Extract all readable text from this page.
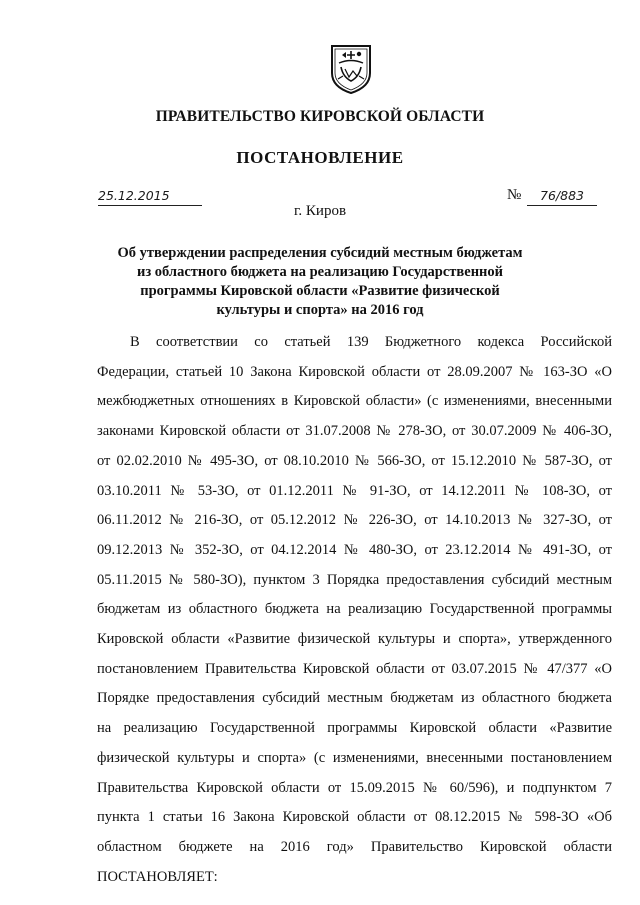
ПРАВИТЕЛЬСТВО КИРОВСКОЙ ОБЛАСТИ
ПОСТАНОВЛЕНИЕ
25.12.2015	№	76/883
г. Киров
Об утверждении распределения субсидий местным бюджетам
из областного бюджета на реализацию Государственной
программы Кировской области «Развитие физической
культуры и спорта» на 2016 год
В соответствии со статьей 139 Бюджетного кодекса Российской
Федерации, статьей 10 Закона Кировской области от 28.09.2007 № 163-ЗО «О
межбюджетных отношениях в Кировской области» (с изменениями, внесенными
законами Кировской области от 31.07.2008 № 278-ЗО, от 30.07.2009 № 406-ЗО,
от 02.02.2010 № 495-ЗО, от 08.10.2010 № 566-ЗО, от 15.12.2010 № 587-ЗО, от
03.10.2011 № 53-ЗО, от 01.12.2011 № 91-ЗО, от 14.12.2011 № 108-ЗО, от
06.11.2012 № 216-ЗО, от 05.12.2012 № 226-ЗО, от 14.10.2013 № 327-ЗО, от
09.12.2013 № 352-ЗО, от 04.12.2014 № 480-ЗО, от 23.12.2014 № 491-ЗО, от
05.11.2015 № 580-ЗО), пунктом 3 Порядка предоставления субсидий местным
бюджетам из областного бюджета на реализацию Государственной программы
Кировской области «Развитие физической культуры и спорта», утвержденного
постановлением Правительства Кировской области от 03.07.2015 № 47/377 «О
Порядке предоставления субсидий местным бюджетам из областного бюджета
на реализацию Государственной программы Кировской области «Развитие
физической культуры и спорта» (с изменениями, внесенными постановлением
Правительства Кировской области от 15.09.2015 № 60/596), и подпунктом 7
пункта 1 статьи 16 Закона Кировской области от 08.12.2015 № 598-ЗО «Об
областном бюджете на 2016 год» Правительство Кировской области
ПОСТАНОВЛЯЕТ:
